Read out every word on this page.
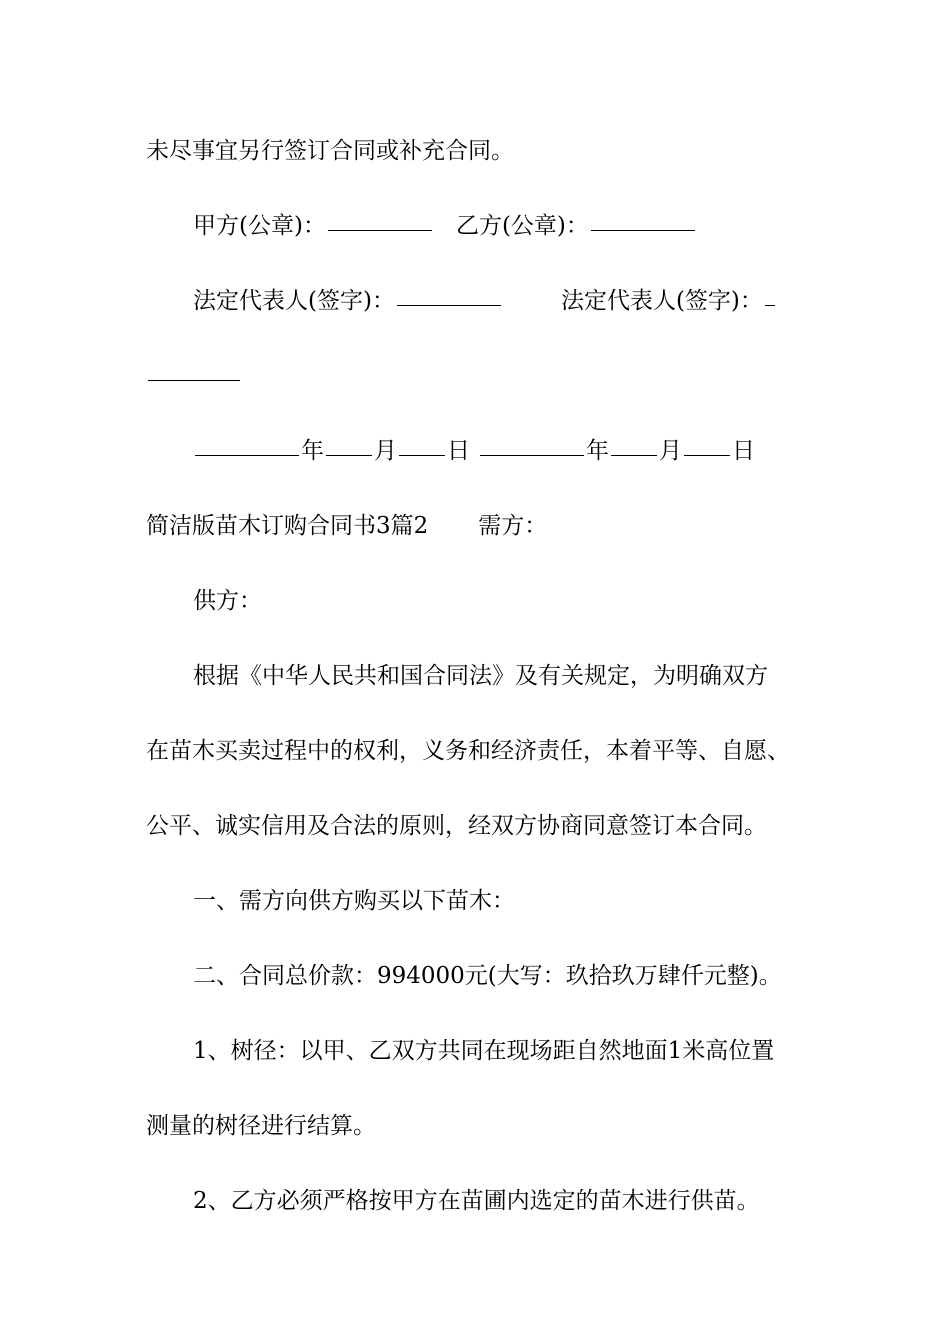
未尽事宜另行签订合同或补充合同。
甲方(公章)：	乙方(公章)：
法定代表人(签字)：	法定代表人(签字)：
年 月 日	年 月 日
简洁版苗木订购合同书3篇2 需方：
供方：
根据《中华人民共和国合同法》及有关规定，为明确双方
在苗木买卖过程中的权利，义务和经济责任，本着平等、自愿、
公平、诚实信用及合法的原则，经双方协商同意签订本合同。
一、需方向供方购买以下苗木：
二、合同总价款：994000元(大写：玖拾玖万肆仟元整)。
1、树径：以甲、乙双方共同在现场距自然地面1米高位置
测量的树径进行结算。
2、乙方必须严格按甲方在苗圃内选定的苗木进行供苗。
